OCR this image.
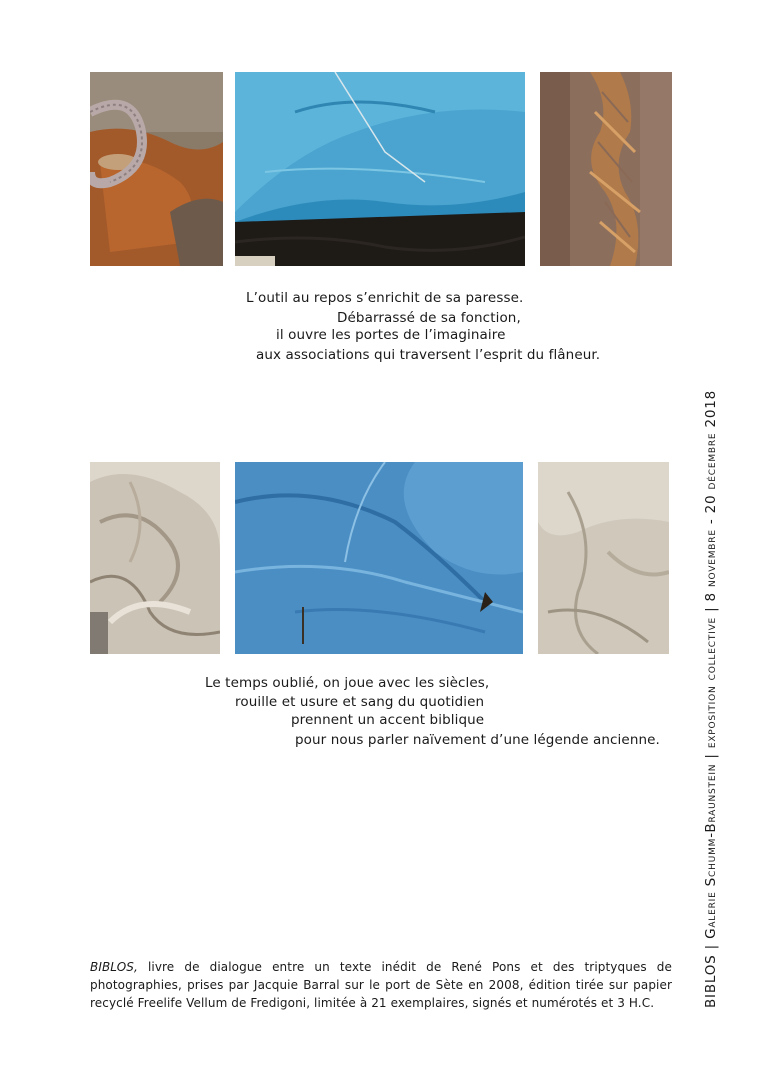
L’outil au repos s’enrichit de sa paresse.
Débarrassé de sa fonction,
il ouvre les portes de l’imaginaire
aux associations qui traversent l’esprit du flâneur.
Le temps oublié, on joue avec les siècles,
rouille et usure et sang du quotidien
prennent un accent biblique
pour nous parler naïvement d’une légende ancienne.
BIBLOS, livre de dialogue entre un texte inédit de René Pons et des triptyques de photographies, prises par Jacquie Barral sur le port de Sète en 2008, édition tirée sur papier recyclé Freelife Vellum de Fredigoni, limitée à 21 exemplaires, signés et numérotés et 3 H.C.	BIBLOS | Galerie Schumm-Braunstein | exposition collective | 8 novembre - 20 décembre 2018
